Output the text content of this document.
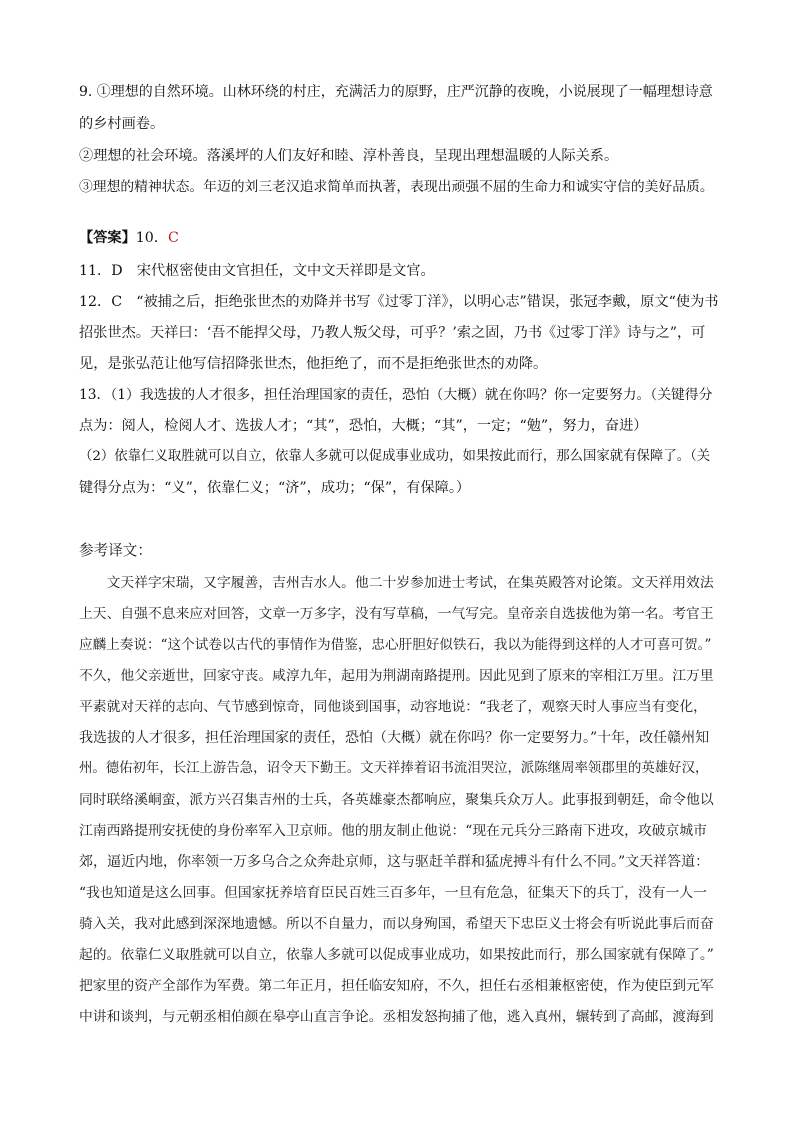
9. ①理想的自然环境。山林环绕的村庄，充满活力的原野，庄严沉静的夜晚，小说展现了一幅理想诗意

的乡村画卷。

②理想的社会环境。落溪坪的人们友好和睦、淳朴善良，呈现出理想温暖的人际关系。

③理想的精神状态。年迈的刘三老汉追求简单而执著，表现出顽强不屈的生命力和诚实守信的美好品质。

【答案】10．C

11．D　宋代枢密使由文官担任，文中文天祥即是文官。

12．C　“被捕之后，拒绝张世杰的劝降并书写《过零丁洋》，以明心志”错误，张冠李戴，原文“使为书

招张世杰。天祥曰：‘吾不能捍父母，乃教人叛父母，可乎？’索之固，乃书《过零丁洋》诗与之”，可

见，是张弘范让他写信招降张世杰，他拒绝了，而不是拒绝张世杰的劝降。

13．（1）我选拔的人才很多，担任治理国家的责任，恐怕（大概）就在你吗？你一定要努力。（关键得分

点为：阅人，检阅人才、选拔人才；“其”，恐怕，大概；“其”，一定；“勉”，努力，奋进）

（2）依靠仁义取胜就可以自立，依靠人多就可以促成事业成功，如果按此而行，那么国家就有保障了。（关

键得分点为：“义”，依靠仁义；“济”，成功；“保”，有保障。）

参考译文：

　　文天祥字宋瑞，又字履善，吉州吉水人。他二十岁参加进士考试，在集英殿答对论策。文天祥用效法

上天、自强不息来应对回答，文章一万多字，没有写草稿，一气写完。皇帝亲自选拔他为第一名。考官王

应麟上奏说：“这个试卷以古代的事情作为借鉴，忠心肝胆好似铁石，我以为能得到这样的人才可喜可贺。”

不久，他父亲逝世，回家守丧。咸淳九年，起用为荆湖南路提刑。因此见到了原来的宰相江万里。江万里

平素就对天祥的志向、气节感到惊奇，同他谈到国事，动容地说：“我老了，观察天时人事应当有变化，

我选拔的人才很多，担任治理国家的责任，恐怕（大概）就在你吗？你一定要努力。”十年，改任赣州知

州。德佑初年，长江上游告急，诏令天下勤王。文天祥捧着诏书流泪哭泣，派陈继周率领郡里的英雄好汉，

同时联络溪峒蛮，派方兴召集吉州的士兵，各英雄豪杰都响应，聚集兵众万人。此事报到朝廷，命令他以

江南西路提刑安抚使的身份率军入卫京师。他的朋友制止他说：“现在元兵分三路南下进攻，攻破京城市

郊，逼近内地，你率领一万多乌合之众奔赴京师，这与驱赶羊群和猛虎搏斗有什么不同。”文天祥答道：

“我也知道是这么回事。但国家抚养培育臣民百姓三百多年，一旦有危急，征集天下的兵丁，没有一人一

骑入关，我对此感到深深地遗憾。所以不自量力，而以身殉国，希望天下忠臣义士将会有听说此事后而奋

起的。依靠仁义取胜就可以自立，依靠人多就可以促成事业成功，如果按此而行，那么国家就有保障了。”

把家里的资产全部作为军费。第二年正月，担任临安知府，不久，担任右丞相兼枢密使，作为使臣到元军

中讲和谈判，与元朝丞相伯颜在皋亭山直言争论。丞相发怒拘捕了他，逃入真州，辗转到了高邮，渡海到
